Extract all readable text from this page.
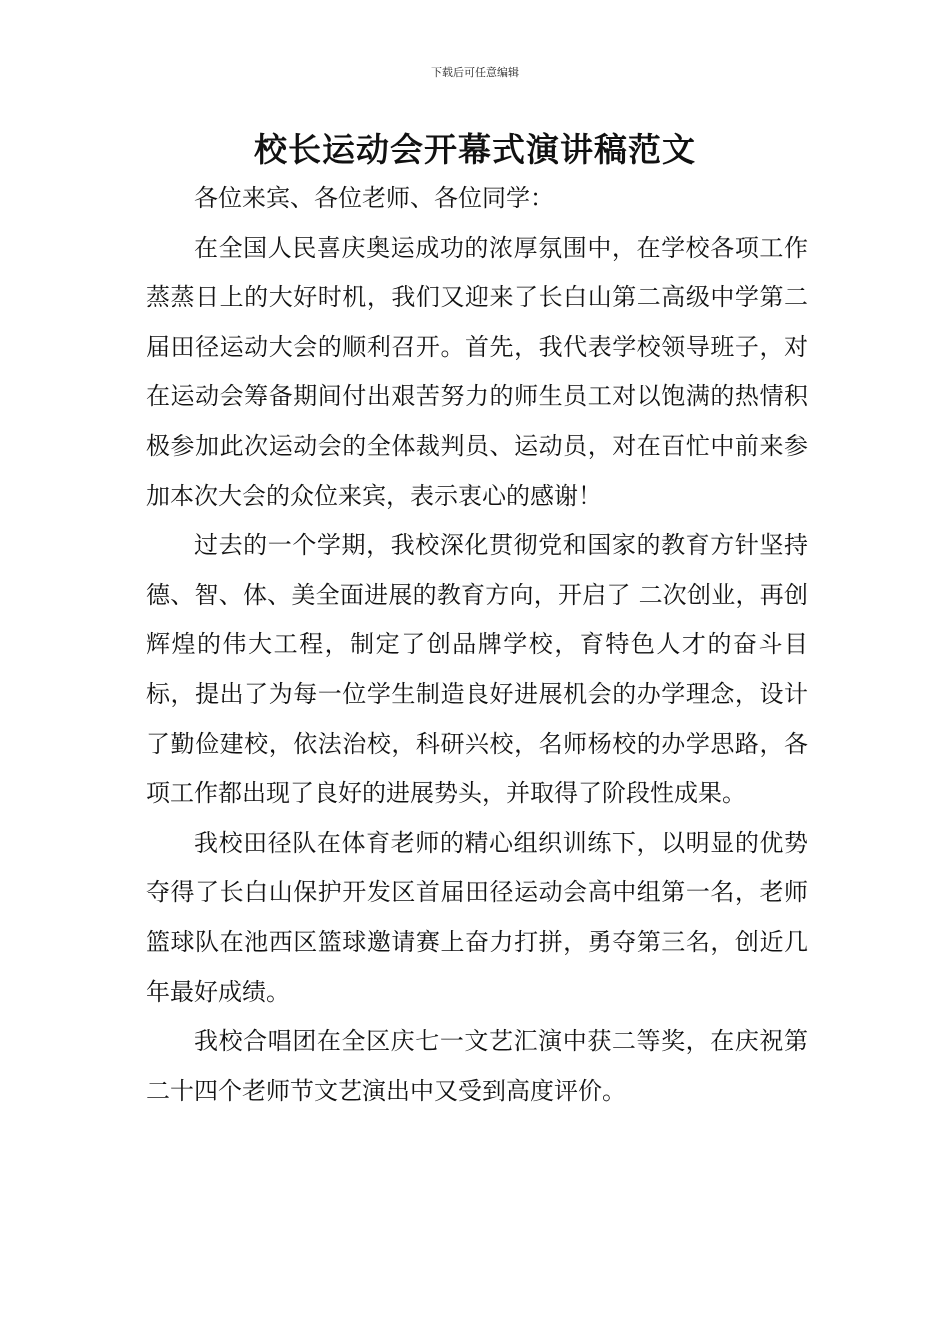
下载后可任意编辑
校长运动会开幕式演讲稿范文

各位来宾、各位老师、各位同学：

在全国人民喜庆奥运成功的浓厚氛围中，在学校各项工作蒸蒸日上的大好时机，我们又迎来了长白山第二高级中学第二届田径运动大会的顺利召开。首先，我代表学校领导班子，对在运动会筹备期间付出艰苦努力的师生员工对以饱满的热情积极参加此次运动会的全体裁判员、运动员，对在百忙中前来参加本次大会的众位来宾，表示衷心的感谢！

过去的一个学期，我校深化贯彻党和国家的教育方针坚持德、智、体、美全面进展的教育方向，开启了 二次创业，再创辉煌的伟大工程，制定了创品牌学校，育特色人才的奋斗目标，提出了为每一位学生制造良好进展机会的办学理念，设计了勤俭建校，依法治校，科研兴校，名师杨校的办学思路，各项工作都出现了良好的进展势头，并取得了阶段性成果。

我校田径队在体育老师的精心组织训练下，以明显的优势夺得了长白山保护开发区首届田径运动会高中组第一名，老师篮球队在池西区篮球邀请赛上奋力打拼，勇夺第三名，创近几年最好成绩。

我校合唱团在全区庆七一文艺汇演中获二等奖，在庆祝第二十四个老师节文艺演出中又受到高度评价。
